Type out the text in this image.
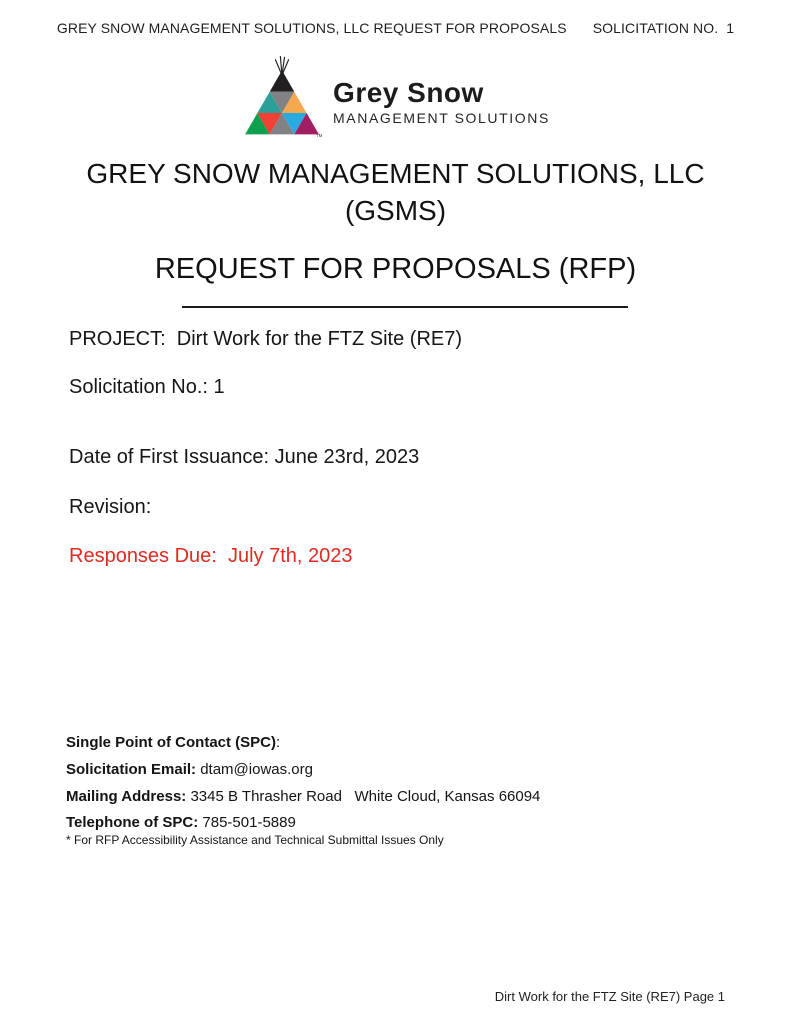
GREY SNOW MANAGEMENT SOLUTIONS, LLC REQUEST FOR PROPOSALS SOLICITATION NO.  1
TM
Grey Snow
MANAGEMENT SOLUTIONS
GREY SNOW MANAGEMENT SOLUTIONS, LLC
(GSMS)
REQUEST FOR PROPOSALS (RFP)
PROJECT:  Dirt Work for the FTZ Site (RE7)
Solicitation No.: 1
Date of First Issuance: June 23rd, 2023
Revision:
Responses Due:  July 7th, 2023
Single Point of Contact (SPC):
Solicitation Email: dtam@iowas.org
Mailing Address: 3345 B Thrasher Road   White Cloud, Kansas 66094
Telephone of SPC: 785-501-5889
* For RFP Accessibility Assistance and Technical Submittal Issues Only
Dirt Work for the FTZ Site (RE7) Page 1
